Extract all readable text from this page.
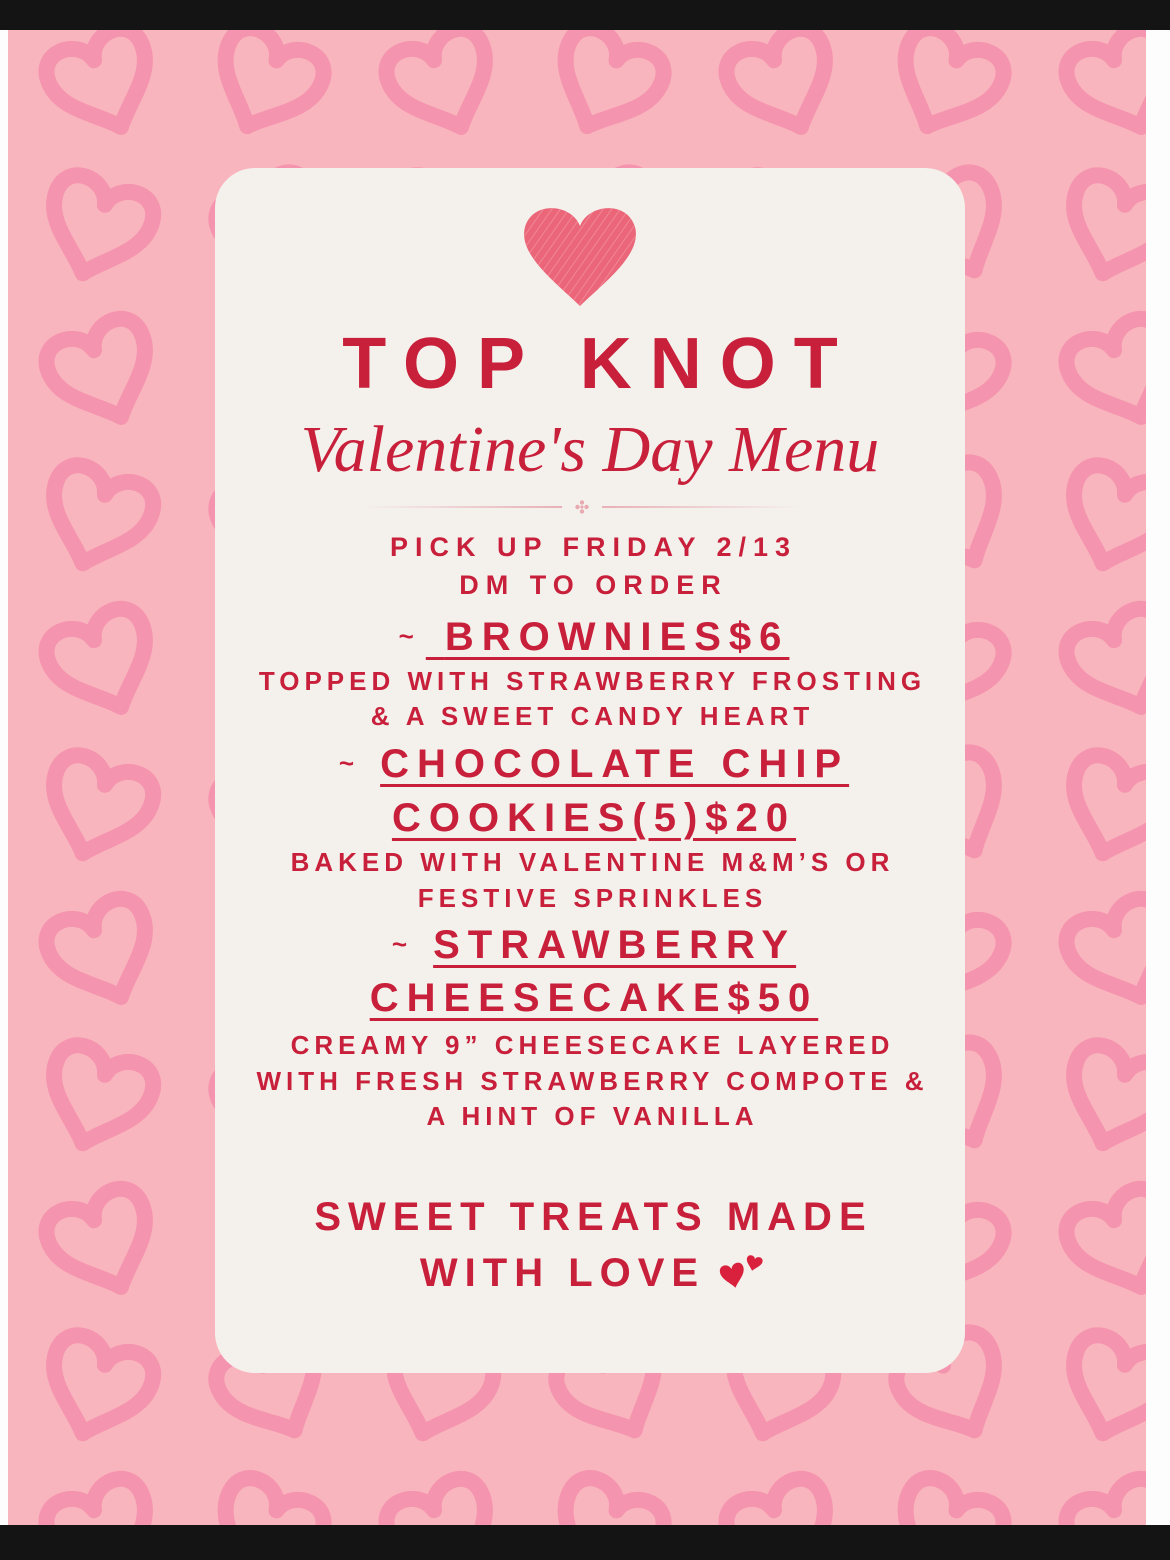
TOP KNOT
Valentine's Day Menu
PICK UP FRIDAY 2/13
DM TO ORDER
~ BROWNIES$6
TOPPED WITH STRAWBERRY FROSTING
& A SWEET CANDY HEART
~ CHOCOLATE CHIP
COOKIES(5)$20
BAKED WITH VALENTINE M&M’S OR
FESTIVE SPRINKLES
~ STRAWBERRY
CHEESECAKE$50
CREAMY 9” CHEESECAKE LAYERED
WITH FRESH STRAWBERRY COMPOTE &
A HINT OF VANILLA
SWEET TREATS MADE
WITH LOVE
